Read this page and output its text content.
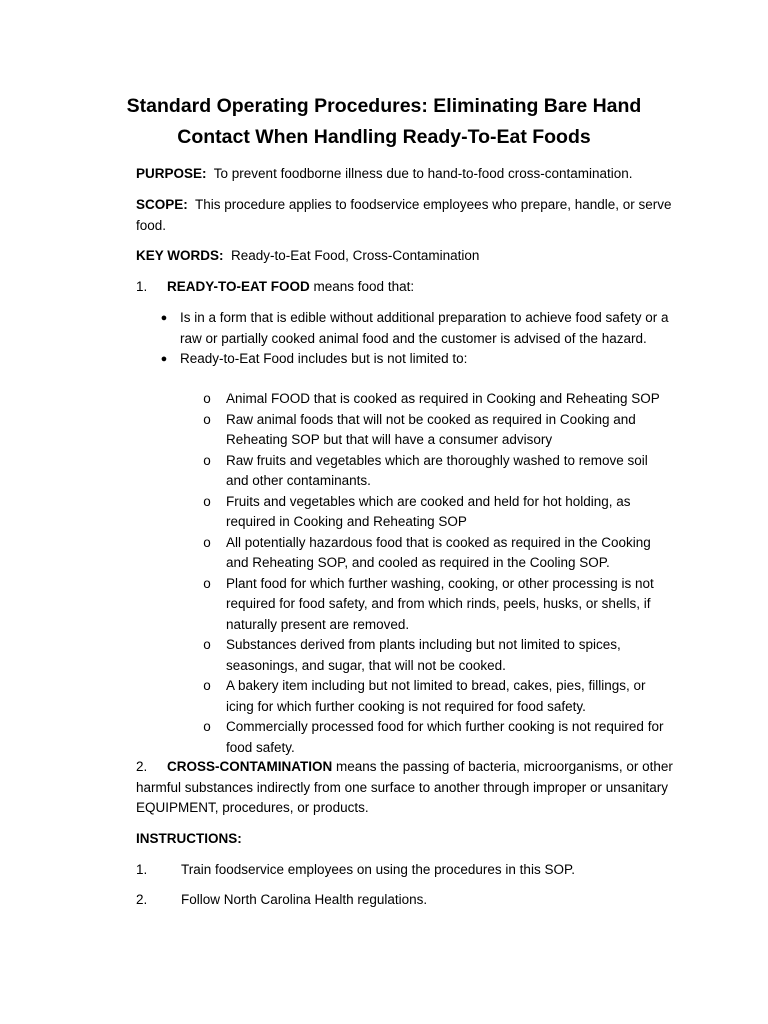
Standard Operating Procedures: Eliminating Bare Hand
Contact When Handling Ready-To-Eat Foods
PURPOSE: To prevent foodborne illness due to hand-to-food cross-contamination.
SCOPE: This procedure applies to foodservice employees who prepare, handle, or serve food.
KEY WORDS: Ready-to-Eat Food, Cross-Contamination
1. READY-TO-EAT FOOD means food that:
● Is in a form that is edible without additional preparation to achieve food safety or a raw or partially cooked animal food and the customer is advised of the hazard.
● Ready-to-Eat Food includes but is not limited to:
o Animal FOOD that is cooked as required in Cooking and Reheating SOP
o Raw animal foods that will not be cooked as required in Cooking and Reheating SOP but that will have a consumer advisory
o Raw fruits and vegetables which are thoroughly washed to remove soil and other contaminants.
o Fruits and vegetables which are cooked and held for hot holding, as required in Cooking and Reheating SOP
o All potentially hazardous food that is cooked as required in the Cooking and Reheating SOP, and cooled as required in the Cooling SOP.
o Plant food for which further washing, cooking, or other processing is not required for food safety, and from which rinds, peels, husks, or shells, if naturally present are removed.
o Substances derived from plants including but not limited to spices, seasonings, and sugar, that will not be cooked.
o A bakery item including but not limited to bread, cakes, pies, fillings, or icing for which further cooking is not required for food safety.
o Commercially processed food for which further cooking is not required for food safety.
2. CROSS-CONTAMINATION means the passing of bacteria, microorganisms, or other harmful substances indirectly from one surface to another through improper or unsanitary EQUIPMENT, procedures, or products.
INSTRUCTIONS:
1. Train foodservice employees on using the procedures in this SOP.
2. Follow North Carolina Health regulations.
